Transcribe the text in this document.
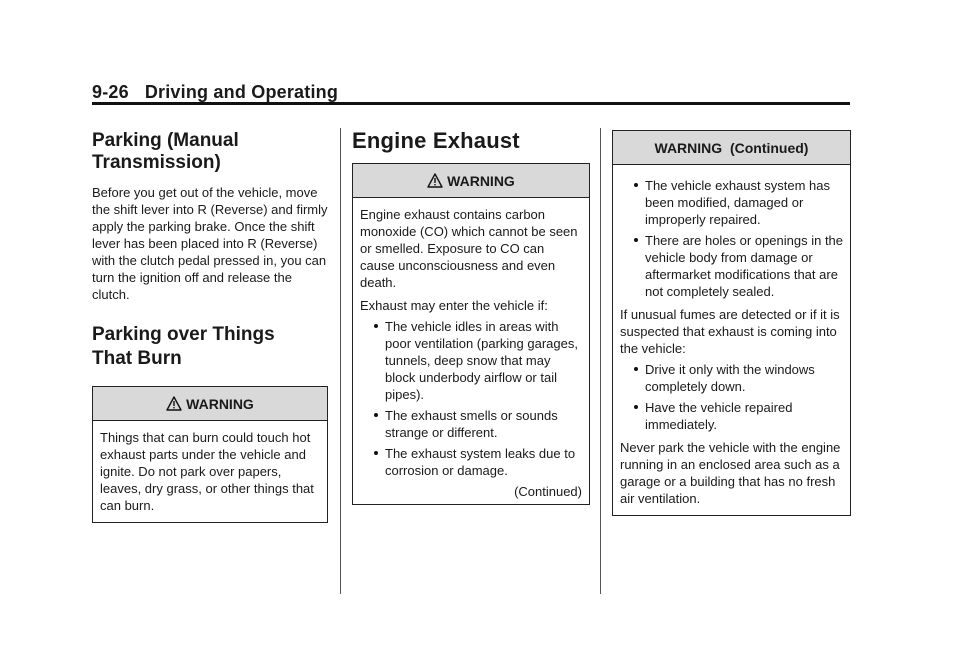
9-26 Driving and Operating
Parking (Manual
Transmission)

Before you get out of the vehicle, move the shift lever into R (Reverse) and firmly apply the parking brake. Once the shift lever has been placed into R (Reverse) with the clutch pedal pressed in, you can turn the ignition off and release the clutch.

Parking over Things
That Burn
WARNING

Things that can burn could touch hot exhaust parts under the vehicle and ignite. Do not park over papers, leaves, dry grass, or other things that can burn.

Engine Exhaust
WARNING

Engine exhaust contains carbon monoxide (CO) which cannot be seen or smelled. Exposure to CO can cause unconsciousness and even death.

Exhaust may enter the vehicle if:

The vehicle idles in areas with poor ventilation (parking garages, tunnels, deep snow that may block underbody airflow or tail pipes).
The exhaust smells or sounds strange or different.
The exhaust system leaks due to corrosion or damage.

(Continued)

WARNING  (Continued)
The vehicle exhaust system has been modified, damaged or improperly repaired.
There are holes or openings in the vehicle body from damage or aftermarket modifications that are not completely sealed.

If unusual fumes are detected or if it is suspected that exhaust is coming into the vehicle:

Drive it only with the windows completely down.
Have the vehicle repaired immediately.

Never park the vehicle with the engine running in an enclosed area such as a garage or a building that has no fresh air ventilation.
